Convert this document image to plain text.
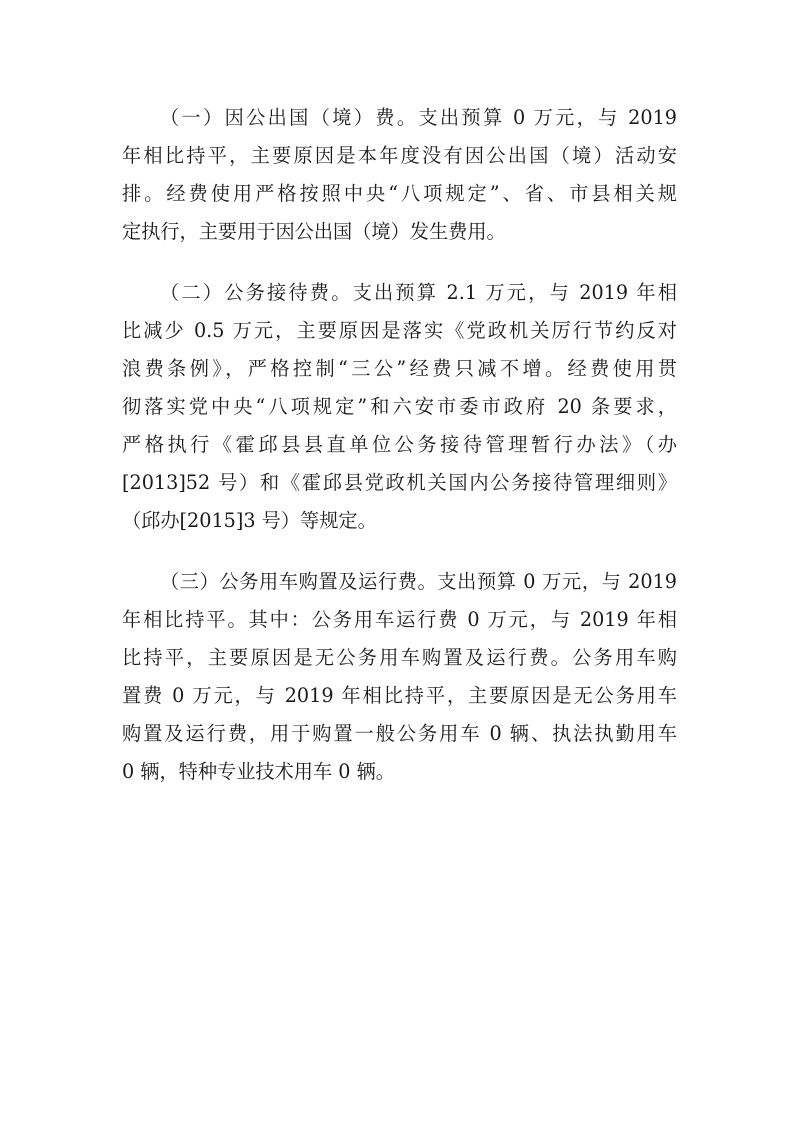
（一）因公出国（境）费。支出预算 0 万元，与 2019

年相比持平，主要原因是本年度没有因公出国（境）活动安

排。经费使用严格按照中央“八项规定”、省、市县相关规

定执行，主要用于因公出国（境）发生费用。

（二）公务接待费。支出预算 2.1 万元，与 2019 年相

比减少 0.5 万元，主要原因是落实《党政机关厉行节约反对

浪费条例》，严格控制“三公”经费只减不增。经费使用贯

彻落实党中央“八项规定”和六安市委市政府 20 条要求，

严格执行《霍邱县县直单位公务接待管理暂行办法》（办

[2013]52 号）和《霍邱县党政机关国内公务接待管理细则》

（邱办[2015]3 号）等规定。

（三）公务用车购置及运行费。支出预算 0 万元，与 2019

年相比持平。其中：公务用车运行费 0 万元，与 2019 年相

比持平，主要原因是无公务用车购置及运行费。公务用车购

置费 0 万元，与 2019 年相比持平，主要原因是无公务用车

购置及运行费，用于购置一般公务用车 0 辆、执法执勤用车

0 辆，特种专业技术用车 0 辆。
